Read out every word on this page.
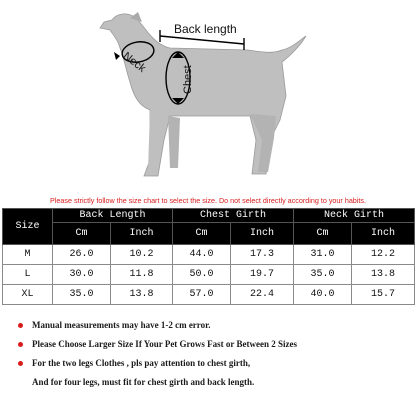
Back length
Neck
Chest
Please strictly follow the size chart to select the size. Do not select directly according to your habits.
Size	Back Length		Chest Girth		Neck Girth	
	Cm	Inch	Cm	Inch	Cm	Inch
M	26.0	10.2	44.0	17.3	31.0	12.2
L	30.0	11.8	50.0	19.7	35.0	13.8
XL	35.0	13.8	57.0	22.4	40.0	15.7
Manual measurements may have 1-2 cm error.
Please Choose Larger Size If Your Pet Grows Fast or Between 2 Sizes
For the two legs Clothes , pls pay attention to chest girth,
And for four legs, must fit for chest girth and back length.
